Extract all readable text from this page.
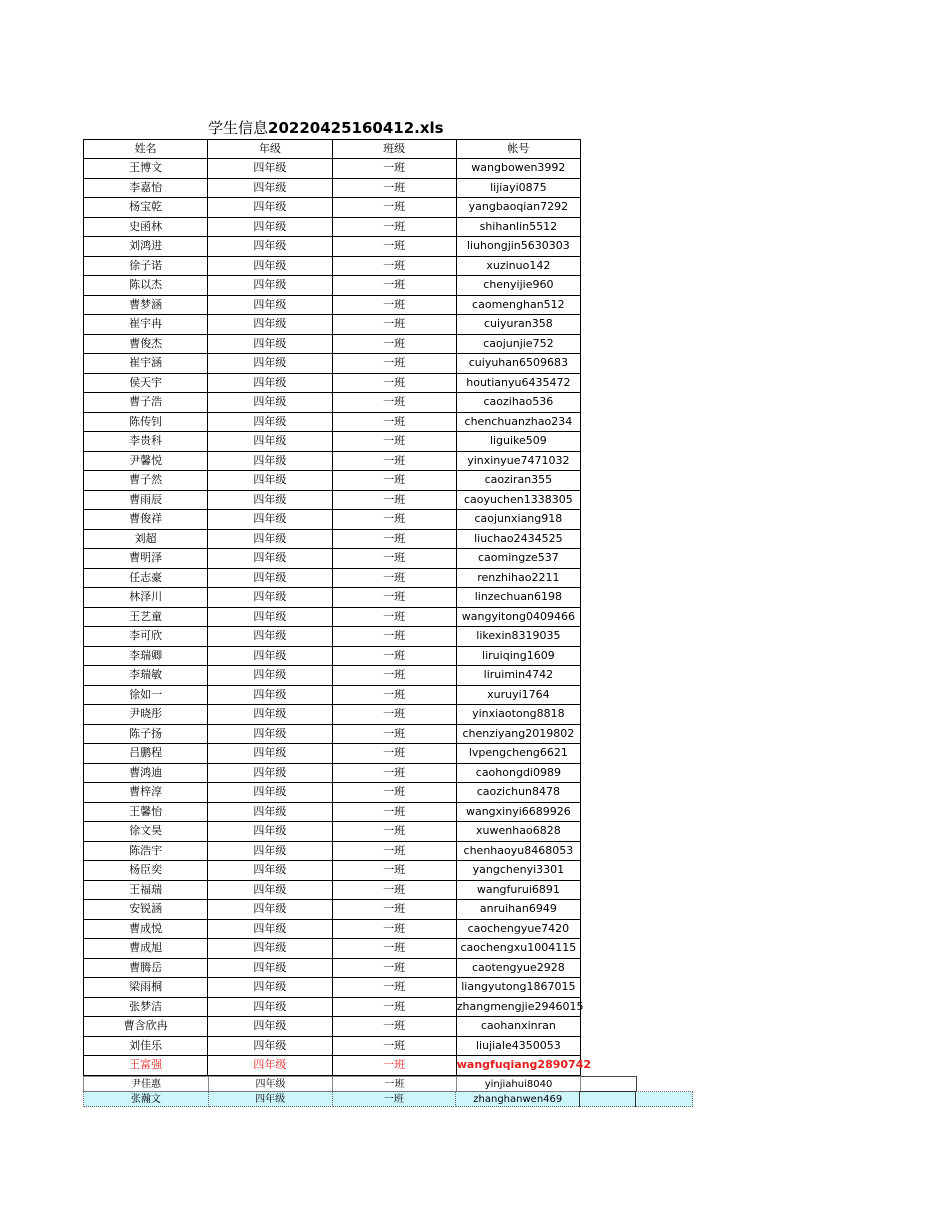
学生信息20220425160412.xls
姓名	年级	班级	帐号
王博文	四年级	一班	wangbowen3992
李嘉怡	四年级	一班	lijiayi0875
杨宝乾	四年级	一班	yangbaoqian7292
史函林	四年级	一班	shihanlin5512
刘鸿进	四年级	一班	liuhongjin5630303
徐子诺	四年级	一班	xuzinuo142
陈以杰	四年级	一班	chenyijie960
曹梦涵	四年级	一班	caomenghan512
崔宇冉	四年级	一班	cuiyuran358
曹俊杰	四年级	一班	caojunjie752
崔宇涵	四年级	一班	cuiyuhan6509683
侯天宇	四年级	一班	houtianyu6435472
曹子浩	四年级	一班	caozihao536
陈传钊	四年级	一班	chenchuanzhao234
李贵科	四年级	一班	liguike509
尹馨悦	四年级	一班	yinxinyue7471032
曹子然	四年级	一班	caoziran355
曹雨辰	四年级	一班	caoyuchen1338305
曹俊祥	四年级	一班	caojunxiang918
刘超	四年级	一班	liuchao2434525
曹明泽	四年级	一班	caomingze537
任志豪	四年级	一班	renzhihao2211
林泽川	四年级	一班	linzechuan6198
王艺童	四年级	一班	wangyitong0409466
李可欣	四年级	一班	likexin8319035
李瑞卿	四年级	一班	liruiqing1609
李瑞敏	四年级	一班	liruimin4742
徐如一	四年级	一班	xuruyi1764
尹晓彤	四年级	一班	yinxiaotong8818
陈子扬	四年级	一班	chenziyang2019802
吕鹏程	四年级	一班	lvpengcheng6621
曹鸿迪	四年级	一班	caohongdi0989
曹梓淳	四年级	一班	caozichun8478
王馨怡	四年级	一班	wangxinyi6689926
徐文昊	四年级	一班	xuwenhao6828
陈浩宇	四年级	一班	chenhaoyu8468053
杨臣奕	四年级	一班	yangchenyi3301
王福瑞	四年级	一班	wangfurui6891
安锐涵	四年级	一班	anruihan6949
曹成悦	四年级	一班	caochengyue7420
曹成旭	四年级	一班	caochengxu1004115
曹腾岳	四年级	一班	caotengyue2928
梁雨桐	四年级	一班	liangyutong1867015
张梦洁	四年级	一班	zhangmengjie2946015
曹含欣冉	四年级	一班	caohanxinran
刘佳乐	四年级	一班	liujiale4350053
王富强	四年级	一班	wangfuqiang2890742
尹佳惠	四年级	一班	yinjiahui8040	
张瀚文	四年级	一班	zhanghanwen469		
